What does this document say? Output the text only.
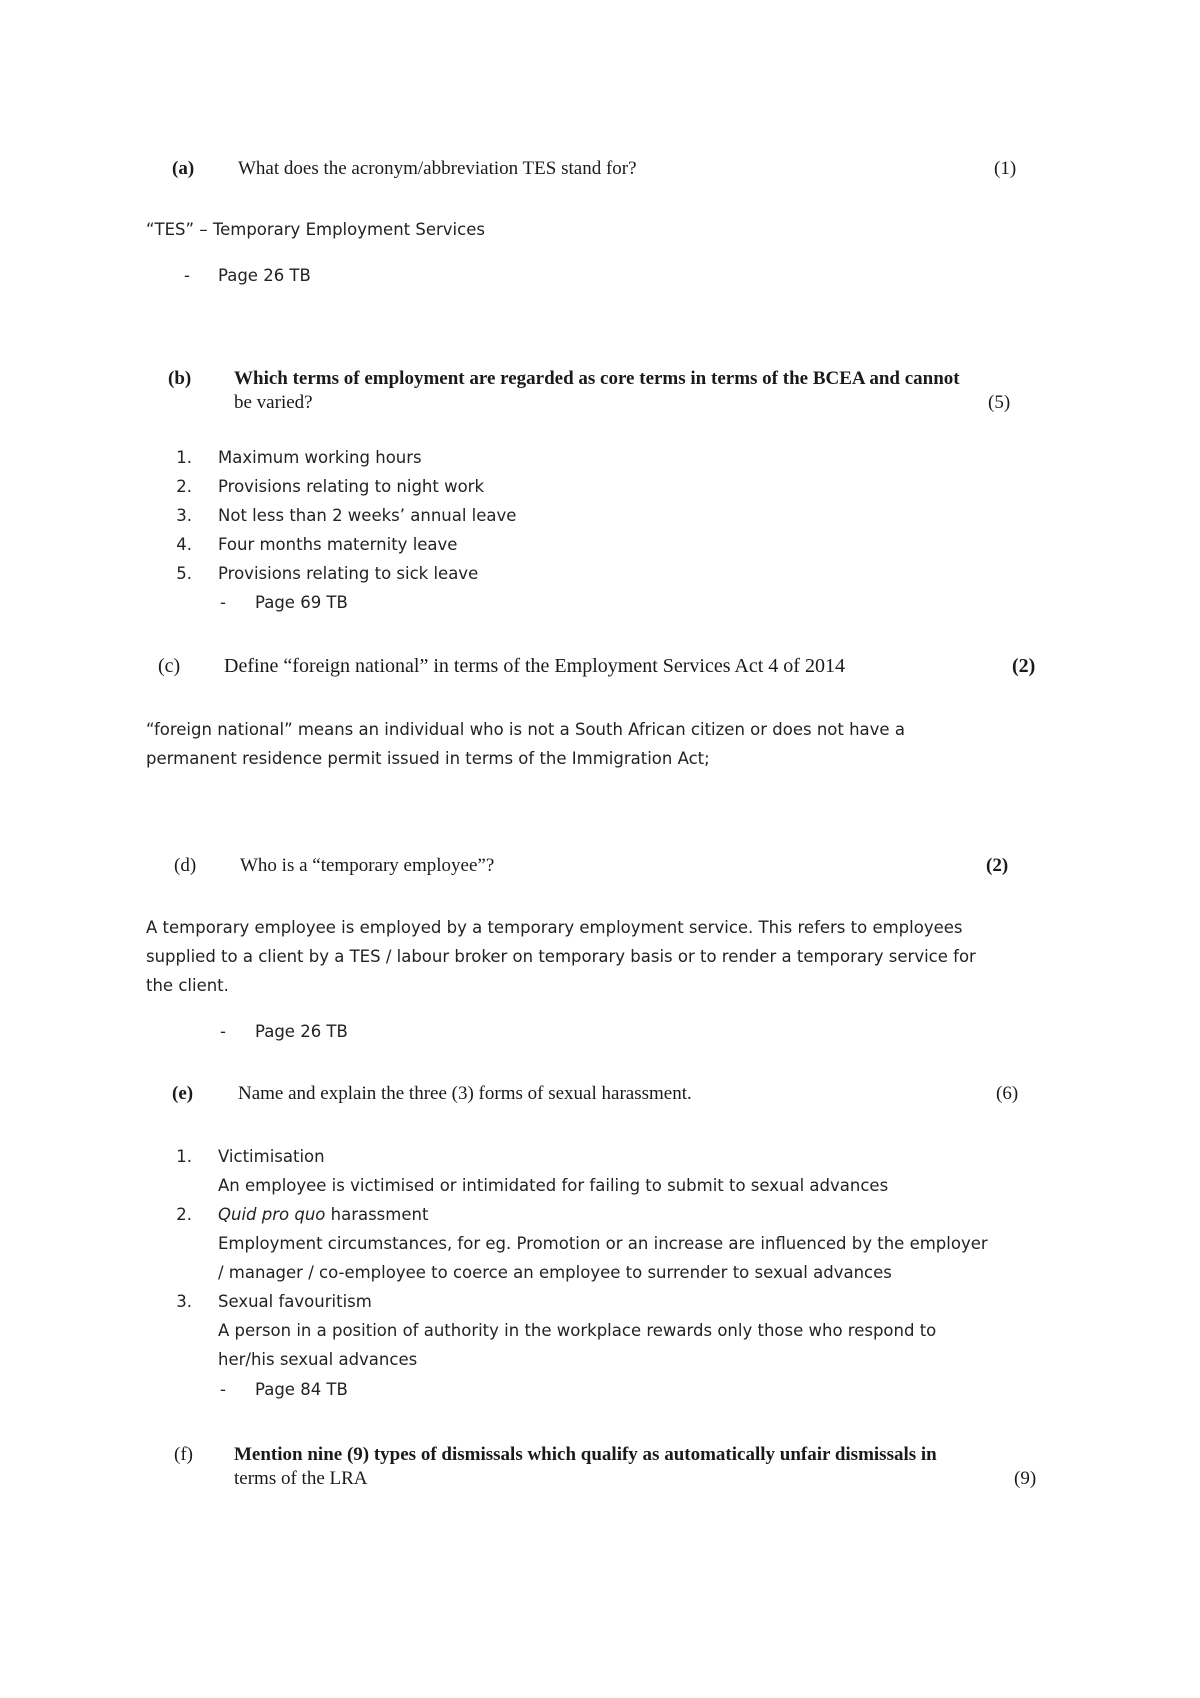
(a) What does the acronym/abbreviation TES stand for?	(1)
“TES” – Temporary Employment Services
- Page 26 TB
(b) Which terms of employment are regarded as core terms in terms of the BCEA and cannot
be varied?	(5)
1. Maximum working hours
2. Provisions relating to night work
3. Not less than 2 weeks’ annual leave
4. Four months maternity leave
5. Provisions relating to sick leave
- Page 69 TB
(c) Define “foreign national” in terms of the Employment Services Act 4 of 2014	(2)
“foreign national” means an individual who is not a South African citizen or does not have a
permanent residence permit issued in terms of the Immigration Act;
(d) Who is a “temporary employee”?	(2)
A temporary employee is employed by a temporary employment service. This refers to employees
supplied to a client by a TES / labour broker on temporary basis or to render a temporary service for
the client.
- Page 26 TB
(e) Name and explain the three (3) forms of sexual harassment.	(6)
1. Victimisation
An employee is victimised or intimidated for failing to submit to sexual advances
2. Quid pro quo harassment
Employment circumstances, for eg. Promotion or an increase are influenced by the employer
/ manager / co-employee to coerce an employee to surrender to sexual advances
3. Sexual favouritism
A person in a position of authority in the workplace rewards only those who respond to
her/his sexual advances
- Page 84 TB
(f) Mention nine (9) types of dismissals which qualify as automatically unfair dismissals in
terms of the LRA	(9)
